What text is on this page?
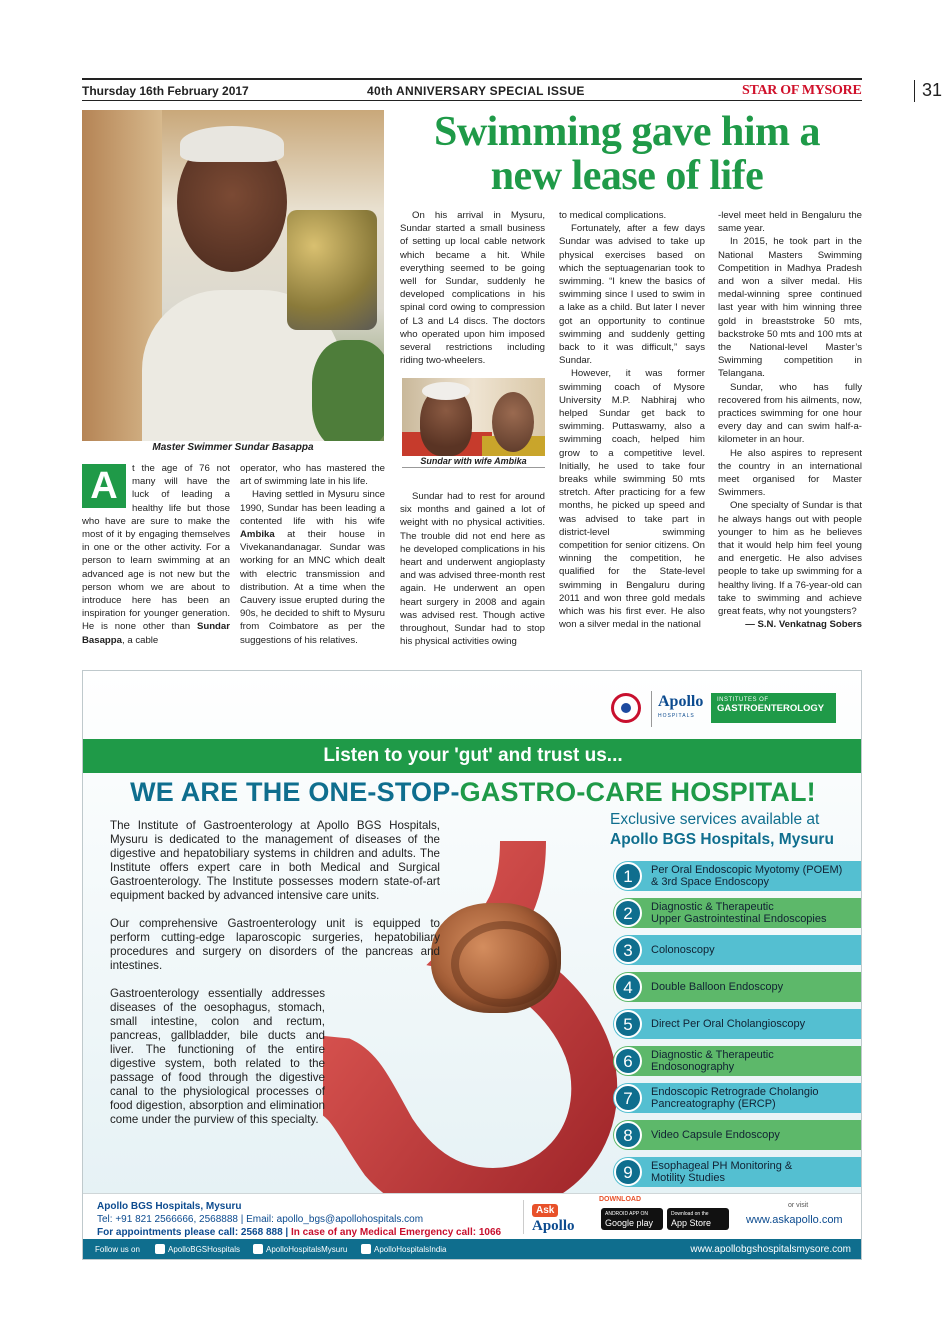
Thursday 16th February 2017	40th ANNIVERSARY SPECIAL ISSUE	STAR OF MYSORE	31
Master Swimmer Sundar Basappa
Swimming gave him a
new lease of life
A	t the age of 76 not many will have the luck of leading a healthy life but those who have are sure to make the most of it by engaging themselves in one or the other activity. For a person to learn swimming at an advanced age is not new but the person whom we are about to introduce here has been an inspiration for younger generation. He is none other than Sundar Basappa, a cable
operator, who has mastered the art of swimming late in his life.

Having settled in Mysuru since 1990, Sundar has been leading a contented life with his wife Ambika at their house in Vivekanandanagar. Sundar was working for an MNC which dealt with electric transmission and distribution. At a time when the Cauvery issue erupted during the 90s, he decided to shift to Mysuru from Coimbatore as per the suggestions of his relatives.

On his arrival in Mysuru, Sundar started a small business of setting up local cable network which became a hit. While everything seemed to be going well for Sundar, suddenly he developed complications in his spinal cord owing to compression of L3 and L4 discs. The doctors who operated upon him imposed several restrictions including riding two-wheelers.

Sundar with wife Ambika

Sundar had to rest for around six months and gained a lot of weight with no physical activities. The trouble did not end here as he developed complications in his heart and underwent angioplasty and was advised three-month rest again. He underwent an open heart surgery in 2008 and again was advised rest. Though active throughout, Sundar had to stop his physical activities owing

to medical complications.

Fortunately, after a few days Sundar was advised to take up physical exercises based on which the septuagenarian took to swimming. “I knew the basics of swimming since I used to swim in a lake as a child. But later I never got an opportunity to continue swimming and suddenly getting back to it was difficult,” says Sundar.

However, it was former swimming coach of Mysore University M.P. Nabhiraj who helped Sundar get back to swimming. Puttaswamy, also a swimming coach, helped him grow to a competitive level. Initially, he used to take four breaks while swimming 50 mts stretch. After practicing for a few months, he picked up speed and was advised to take part in district-level swimming competition for senior citizens. On winning the competition, he qualified for the State-level swimming in Bengaluru during 2011 and won three gold medals which was his first ever. He also won a silver medal in the national

-level meet held in Bengaluru the same year.

In 2015, he took part in the National Masters Swimming Competition in Madhya Pradesh and won a silver medal. His medal-winning spree continued last year with him winning three gold in breaststroke 50 mts, backstroke 50 mts and 100 mts at the National-level Master’s Swimming competition in Telangana.

Sundar, who has fully recovered from his ailments, now, practices swimming for one hour every day and can swim half-a-kilometer in an hour.

He also aspires to represent the country in an international meet organised for Master Swimmers.

One specialty of Sundar is that he always hangs out with people younger to him as he believes that it would help him feel young and energetic. He also advises people to take up swimming for a healthy living. If a 76-year-old can take to swimming and achieve great feats, why not youngsters?

— S.N. Venkatnag Sobers
Apollo
HOSPITALS
INSTITUTES OF
GASTROENTEROLOGY
Listen to your 'gut' and trust us...
WE ARE THE ONE-STOP-GASTRO-CARE HOSPITAL!

The Institute of Gastroenterology at Apollo BGS Hospitals, Mysuru is dedicated to the management of diseases of the digestive and hepatobiliary systems in children and adults. The Institute offers expert care in both Medical and Surgical Gastroenterology. The Institute possesses modern state-of-art equipment backed by advanced intensive care units.

Our comprehensive Gastroenterology unit is equipped to perform cutting-edge laparoscopic surgeries, hepatobiliary procedures and surgery on disorders of the pancreas and intestines.

Gastroenterology essentially addresses diseases of the oesophagus, stomach, small intestine, colon and rectum, pancreas, gallbladder, bile ducts and liver. The functioning of the entire digestive system, both related to the passage of food through the digestive canal to the physiological processes of food digestion, absorption and elimination come under the purview of this specialty.

Exclusive services available at
Apollo BGS Hospitals, Mysuru
1	Per Oral Endoscopic Myotomy (POEM)
& 3rd Space Endoscopy
2	Diagnostic & Therapeutic
Upper Gastrointestinal Endoscopies
3	Colonoscopy
4	Double Balloon Endoscopy
5	Direct Per Oral Cholangioscopy
6	Diagnostic & Therapeutic
Endosonography
7	Endoscopic Retrograde Cholangio
Pancreatography (ERCP)
8	Video Capsule Endoscopy
9	Esophageal PH Monitoring &
Motility Studies
Apollo BGS Hospitals, Mysuru
Tel: +91 821 2566666, 2568888 | Email: apollo_bgs@apollohospitals.com
For appointments please call: 2568 888 | In case of any Medical Emergency call: 1066
Ask
Apollo
DOWNLOAD
ANDROID APP ON
Google play
Download on the
App Store
or visit
www.askapollo.com
Follow us on	ApolloBGSHospitals	ApolloHospitalsMysuru	ApolloHospitalsIndia	www.apollobgshospitalsmysore.com
